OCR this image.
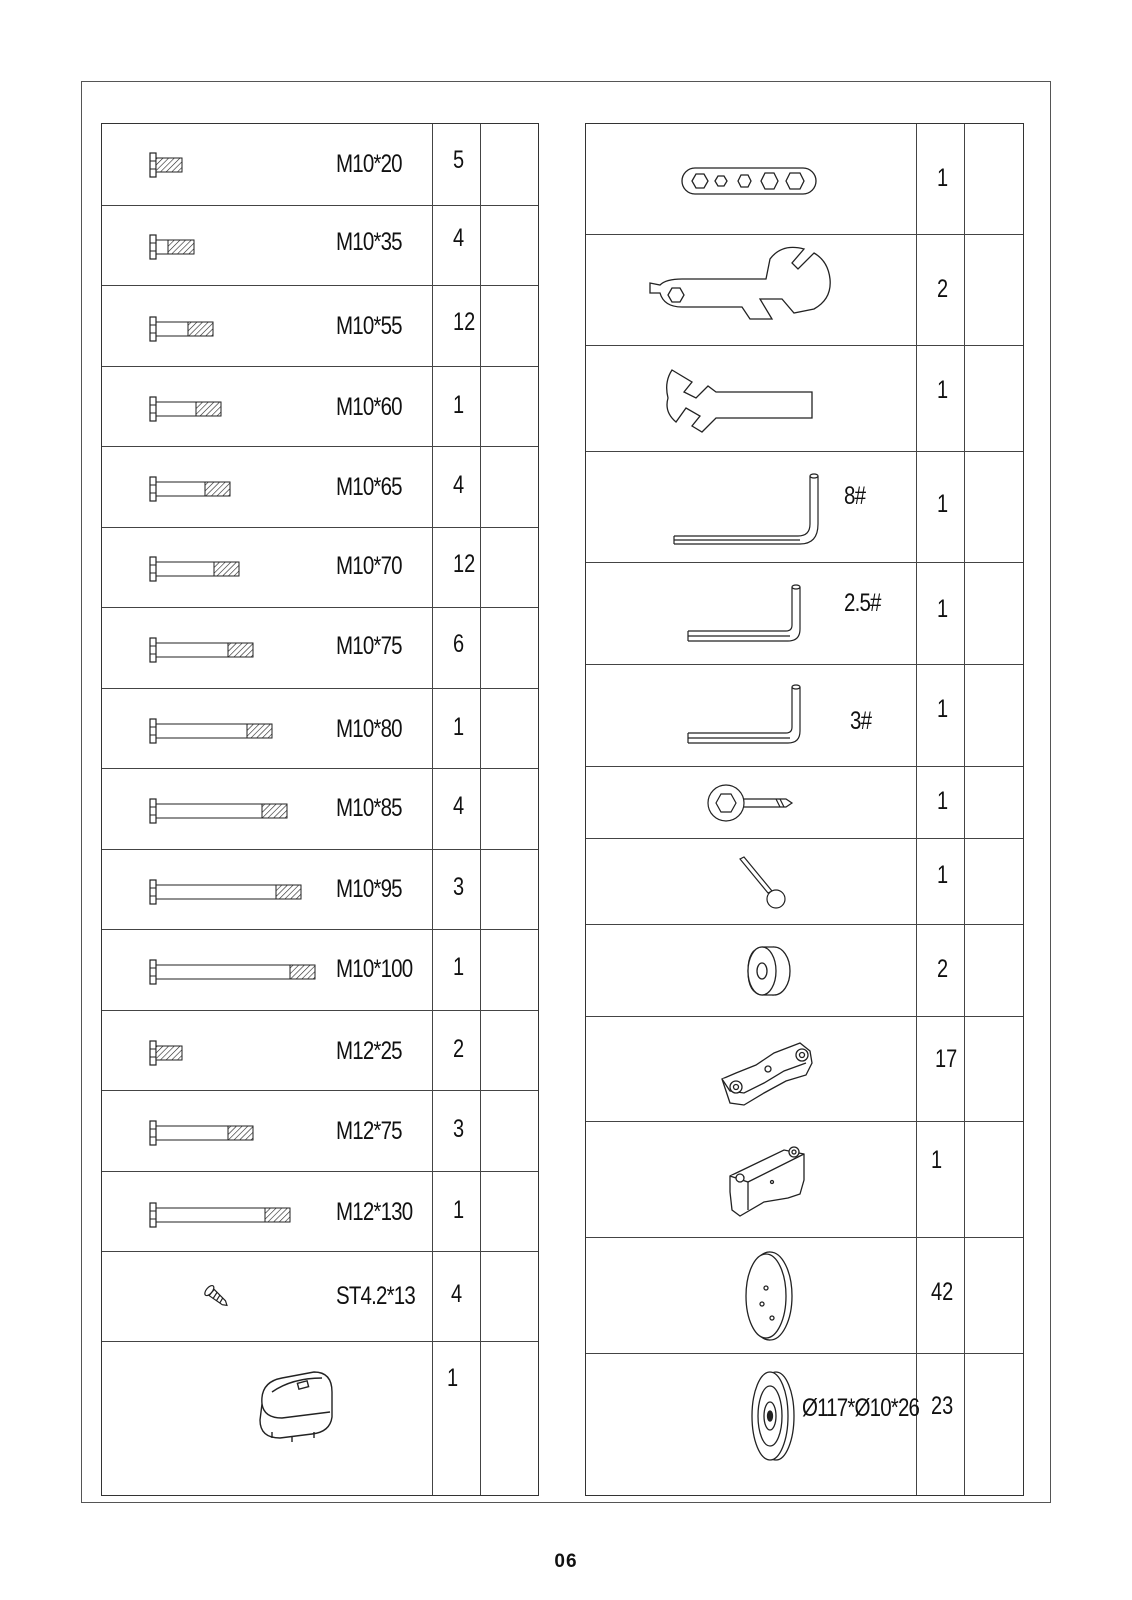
M10*20 5
M10*35 4
M10*55 12
M10*60 1
M10*65 4
M10*70 12
M10*75 6
M10*80 1
M10*85 4
M10*95 3
M10*100 1
M12*25 2
M12*75 3
M12*130 1
ST4.2*13 4
1
1
2
1
8#	1
2.5# 1
3#	1
1
1
2
17
1
42
Ø117*Ø10*26 23
06
